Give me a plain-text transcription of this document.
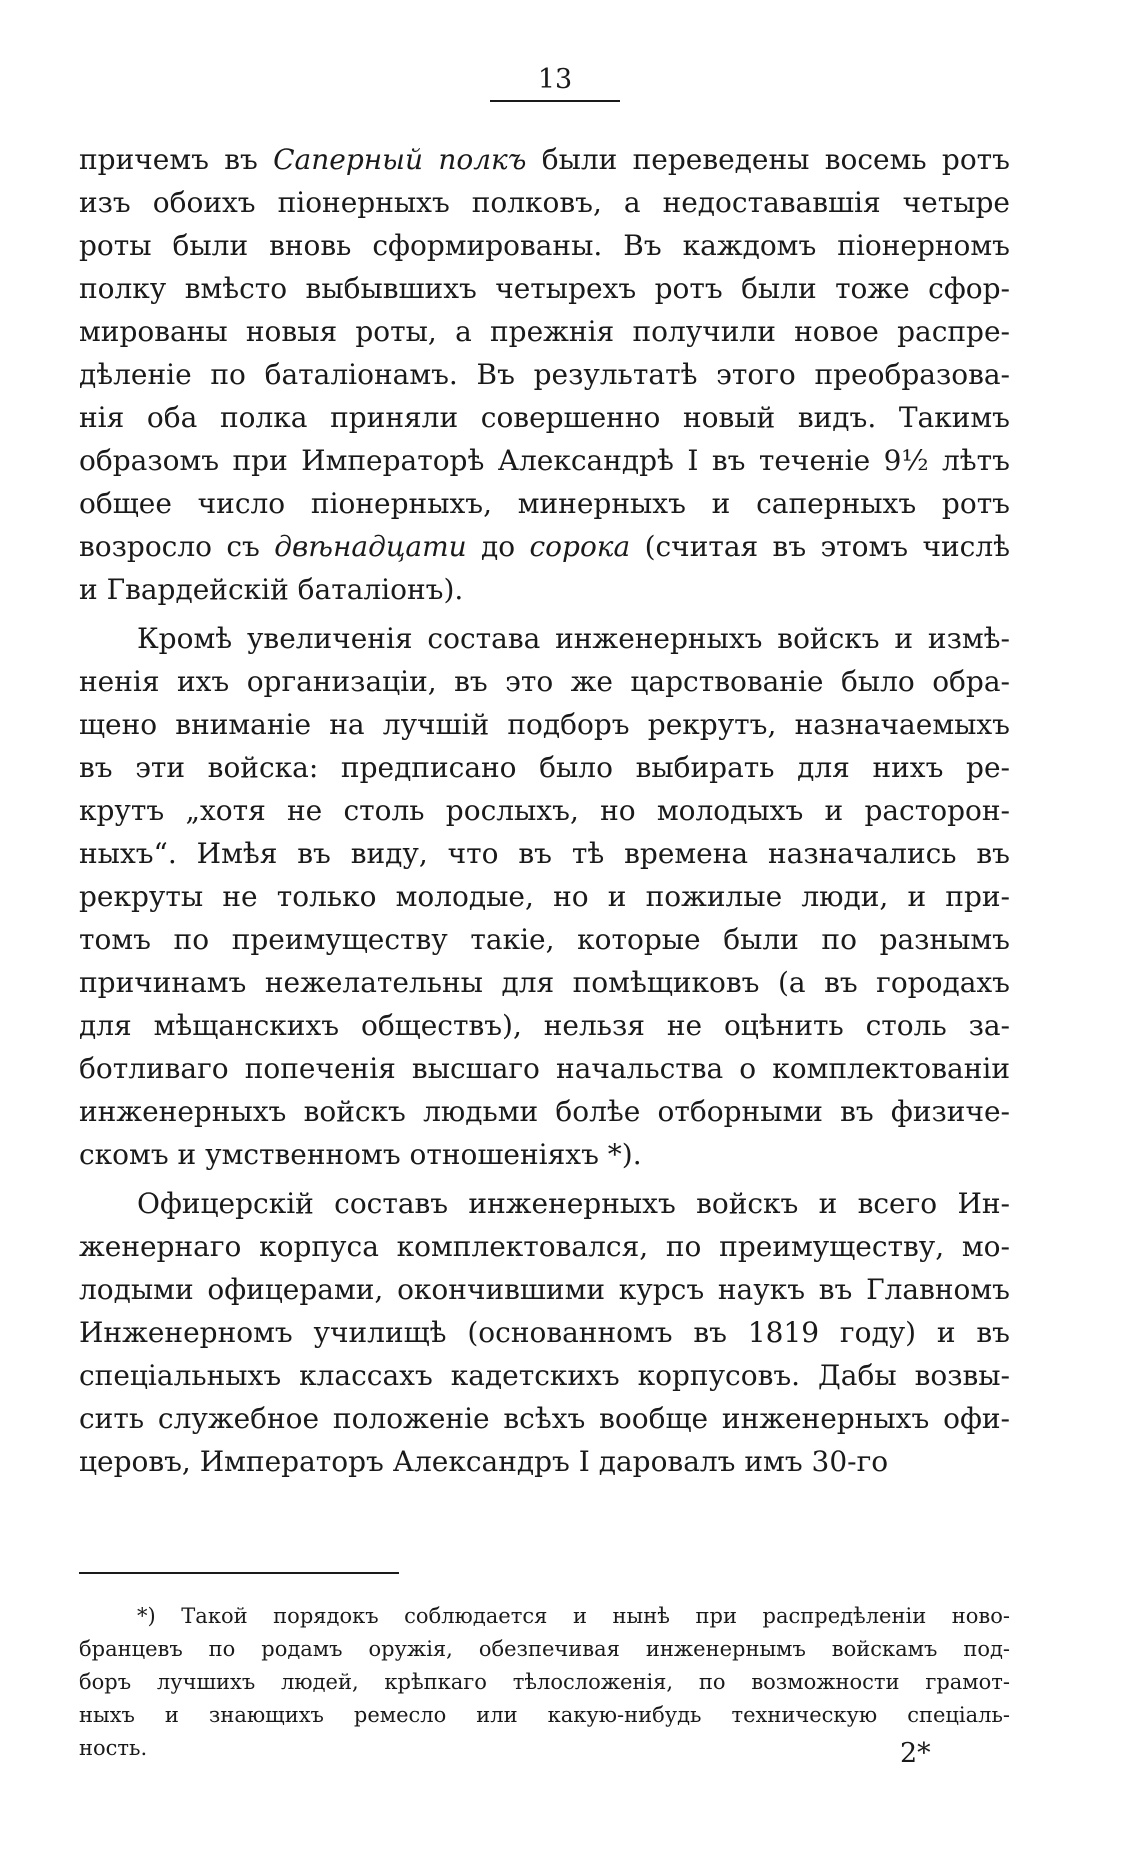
13

причемъ въ Саперный полкъ были переведены восемь ротъ
изъ обоихъ піонерныхъ полковъ, а недостававшія четыре
роты были вновь сформированы. Въ каждомъ піонерномъ
полку вмѣсто выбывшихъ четырехъ ротъ были тоже сфор-
мированы новыя роты, а прежнія получили новое распре-
дѣленіе по баталіонамъ. Въ результатѣ этого преобразова-
нія оба полка приняли совершенно новый видъ. Такимъ
образомъ при Императорѣ Александрѣ I въ теченіе 9½ лѣтъ
общее число піонерныхъ, минерныхъ и саперныхъ ротъ
возросло съ двѣнадцати до сорока (считая въ этомъ числѣ
и Гвардейскій баталіонъ).

Кромѣ увеличенія состава инженерныхъ войскъ и измѣ-
ненія ихъ организаціи, въ это же царствованіе было обра-
щено вниманіе на лучшій подборъ рекрутъ, назначаемыхъ
въ эти войска: предписано было выбирать для нихъ ре-
крутъ „хотя не столь рослыхъ, но молодыхъ и расторон-
ныхъ“. Имѣя въ виду, что въ тѣ времена назначались въ
рекруты не только молодые, но и пожилые люди, и при-
томъ по преимуществу такіе, которые были по разнымъ
причинамъ нежелательны для помѣщиковъ (а въ городахъ
для мѣщанскихъ обществъ), нельзя не оцѣнить столь за-
ботливаго попеченія высшаго начальства о комплектованіи
инженерныхъ войскъ людьми болѣе отборными въ физиче-
скомъ и умственномъ отношеніяхъ *).

Офицерскій составъ инженерныхъ войскъ и всего Ин-
женернаго корпуса комплектовался, по преимуществу, мо-
лодыми офицерами, окончившими курсъ наукъ въ Главномъ
Инженерномъ училищѣ (основанномъ въ 1819 году) и въ
спеціальныхъ классахъ кадетскихъ корпусовъ. Дабы возвы-
сить служебное положеніе всѣхъ вообще инженерныхъ офи-
церовъ, Императоръ Александръ I даровалъ имъ 30-го

*) Такой порядокъ соблюдается и нынѣ при распредѣленіи ново-
бранцевъ по родамъ оружія, обезпечивая инженернымъ войскамъ под-
боръ лучшихъ людей, крѣпкаго тѣлосложенія, по возможности грамот-
ныхъ и знающихъ ремесло или какую-нибудь техническую спеціаль-
ность.	2*
